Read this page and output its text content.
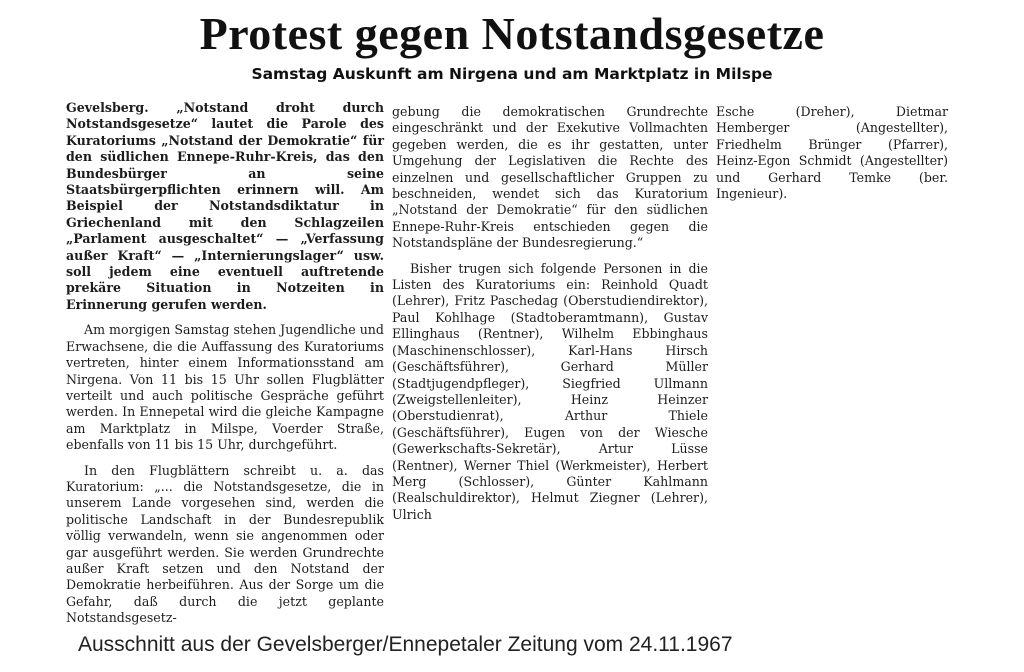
Protest gegen Notstandsgesetze
Samstag Auskunft am Nirgena und am Marktplatz in Milspe

Gevelsberg. „Notstand droht durch Notstandsgesetze“ lautet die Parole des Kuratoriums „Notstand der Demokratie“ für den südlichen Ennepe-Ruhr-Kreis, das den Bundesbürger an seine Staatsbürgerpflichten erinnern will. Am Beispiel der Notstandsdiktatur in Griechenland mit den Schlagzeilen „Parlament ausgeschaltet“ — „Verfassung außer Kraft“ — „Internierungslager“ usw. soll jedem eine eventuell auftretende prekäre Situation in Notzeiten in Erinnerung gerufen werden.

Am morgigen Samstag stehen Jugendliche und Erwachsene, die die Auffassung des Kuratoriums vertreten, hinter einem Informationsstand am Nirgena. Von 11 bis 15 Uhr sollen Flugblätter verteilt und auch politische Gespräche geführt werden. In Ennepetal wird die gleiche Kampagne am Marktplatz in Milspe, Voerder Straße, ebenfalls von 11 bis 15 Uhr, durchgeführt.

In den Flugblättern schreibt u. a. das Kuratorium: „... die Notstandsgesetze, die in unserem Lande vorgesehen sind, werden die politische Landschaft in der Bundesrepublik völlig verwandeln, wenn sie angenommen oder gar ausgeführt werden. Sie werden Grundrechte außer Kraft setzen und den Notstand der Demokratie herbeiführen. Aus der Sorge um die Gefahr, daß durch die jetzt geplante Notstandsgesetz-

gebung die demokratischen Grundrechte eingeschränkt und der Exekutive Vollmachten gegeben werden, die es ihr gestatten, unter Umgehung der Legislativen die Rechte des einzelnen und gesellschaftlicher Gruppen zu beschneiden, wendet sich das Kuratorium „Notstand der Demokratie“ für den südlichen Ennepe-Ruhr-Kreis entschieden gegen die Notstandspläne der Bundesregierung.“

Bisher trugen sich folgende Personen in die Listen des Kuratoriums ein: Reinhold Quadt (Lehrer), Fritz Paschedag (Oberstudiendirektor), Paul Kohlhage (Stadtoberamtmann), Gustav Ellinghaus (Rentner), Wilhelm Ebbinghaus (Maschinenschlosser), Karl-Hans Hirsch (Geschäftsführer), Gerhard Müller (Stadtjugendpfleger), Siegfried Ullmann (Zweigstellenleiter), Heinz Heinzer (Oberstudienrat), Arthur Thiele (Geschäftsführer), Eugen von der Wiesche (Gewerkschafts-Sekretär), Artur Lüsse (Rentner), Werner Thiel (Werkmeister), Herbert Merg (Schlosser), Günter Kahlmann (Realschuldirektor), Helmut Ziegner (Lehrer), Ulrich

Esche (Dreher), Dietmar Hemberger (Angestellter), Friedhelm Brünger (Pfarrer), Heinz-Egon Schmidt (Angestellter) und Gerhard Temke (ber. Ingenieur).

Ausschnitt aus der Gevelsberger/Ennepetaler Zeitung vom 24.11.1967
